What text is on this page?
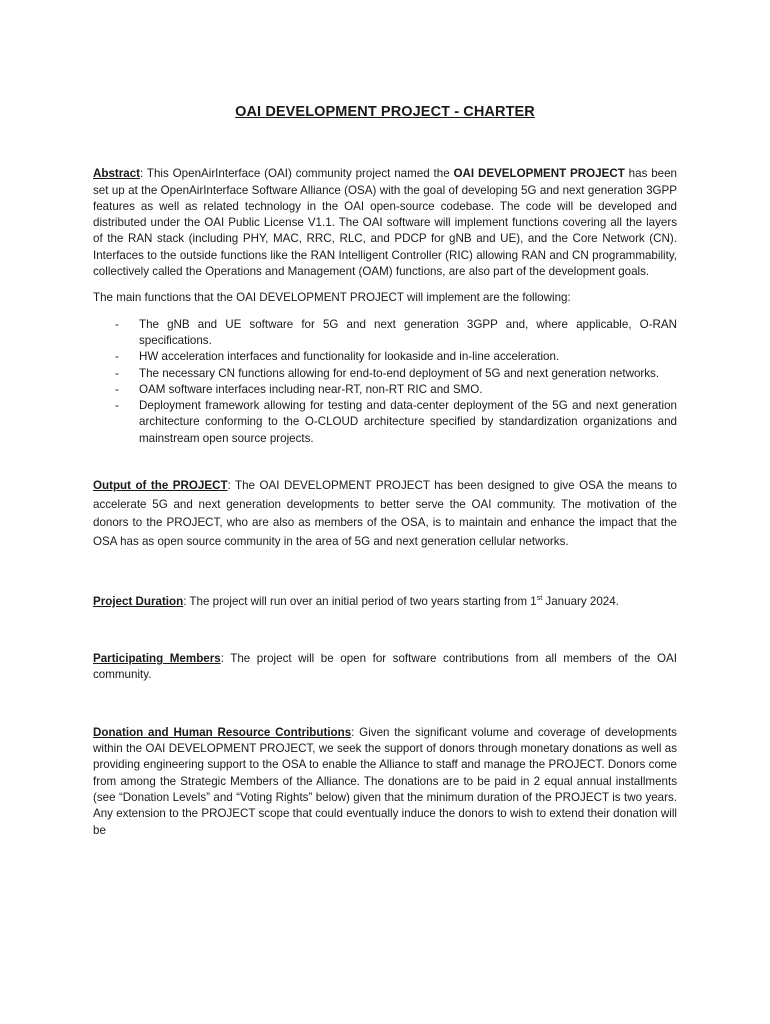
OAI DEVELOPMENT PROJECT - CHARTER

Abstract: This OpenAirInterface (OAI) community project named the OAI DEVELOPMENT PROJECT has been set up at the OpenAirInterface Software Alliance (OSA) with the goal of developing 5G and next generation 3GPP features as well as related technology in the OAI open-source codebase. The code will be developed and distributed under the OAI Public License V1.1. The OAI software will implement functions covering all the layers of the RAN stack (including PHY, MAC, RRC, RLC, and PDCP for gNB and UE), and the Core Network (CN). Interfaces to the outside functions like the RAN Intelligent Controller (RIC) allowing RAN and CN programmability, collectively called the Operations and Management (OAM) functions, are also part of the development goals.

The main functions that the OAI DEVELOPMENT PROJECT will implement are the following:

- The gNB and UE software for 5G and next generation 3GPP and, where applicable, O-RAN specifications.
- HW acceleration interfaces and functionality for lookaside and in-line acceleration.
- The necessary CN functions allowing for end-to-end deployment of 5G and next generation networks.
- OAM software interfaces including near-RT, non-RT RIC and SMO.
- Deployment framework allowing for testing and data-center deployment of the 5G and next generation architecture conforming to the O-CLOUD architecture specified by standardization organizations and mainstream open source projects.

Output of the PROJECT: The OAI DEVELOPMENT PROJECT has been designed to give OSA the means to accelerate 5G and next generation developments to better serve the OAI community. The motivation of the donors to the PROJECT, who are also as members of the OSA, is to maintain and enhance the impact that the OSA has as open source community in the area of 5G and next generation cellular networks.

Project Duration: The project will run over an initial period of two years starting from 1st January 2024.

Participating Members: The project will be open for software contributions from all members of the OAI community.

Donation and Human Resource Contributions: Given the significant volume and coverage of developments within the OAI DEVELOPMENT PROJECT, we seek the support of donors through monetary donations as well as providing engineering support to the OSA to enable the Alliance to staff and manage the PROJECT. Donors come from among the Strategic Members of the Alliance. The donations are to be paid in 2 equal annual installments (see “Donation Levels” and “Voting Rights” below) given that the minimum duration of the PROJECT is two years. Any extension to the PROJECT scope that could eventually induce the donors to wish to extend their donation will be
